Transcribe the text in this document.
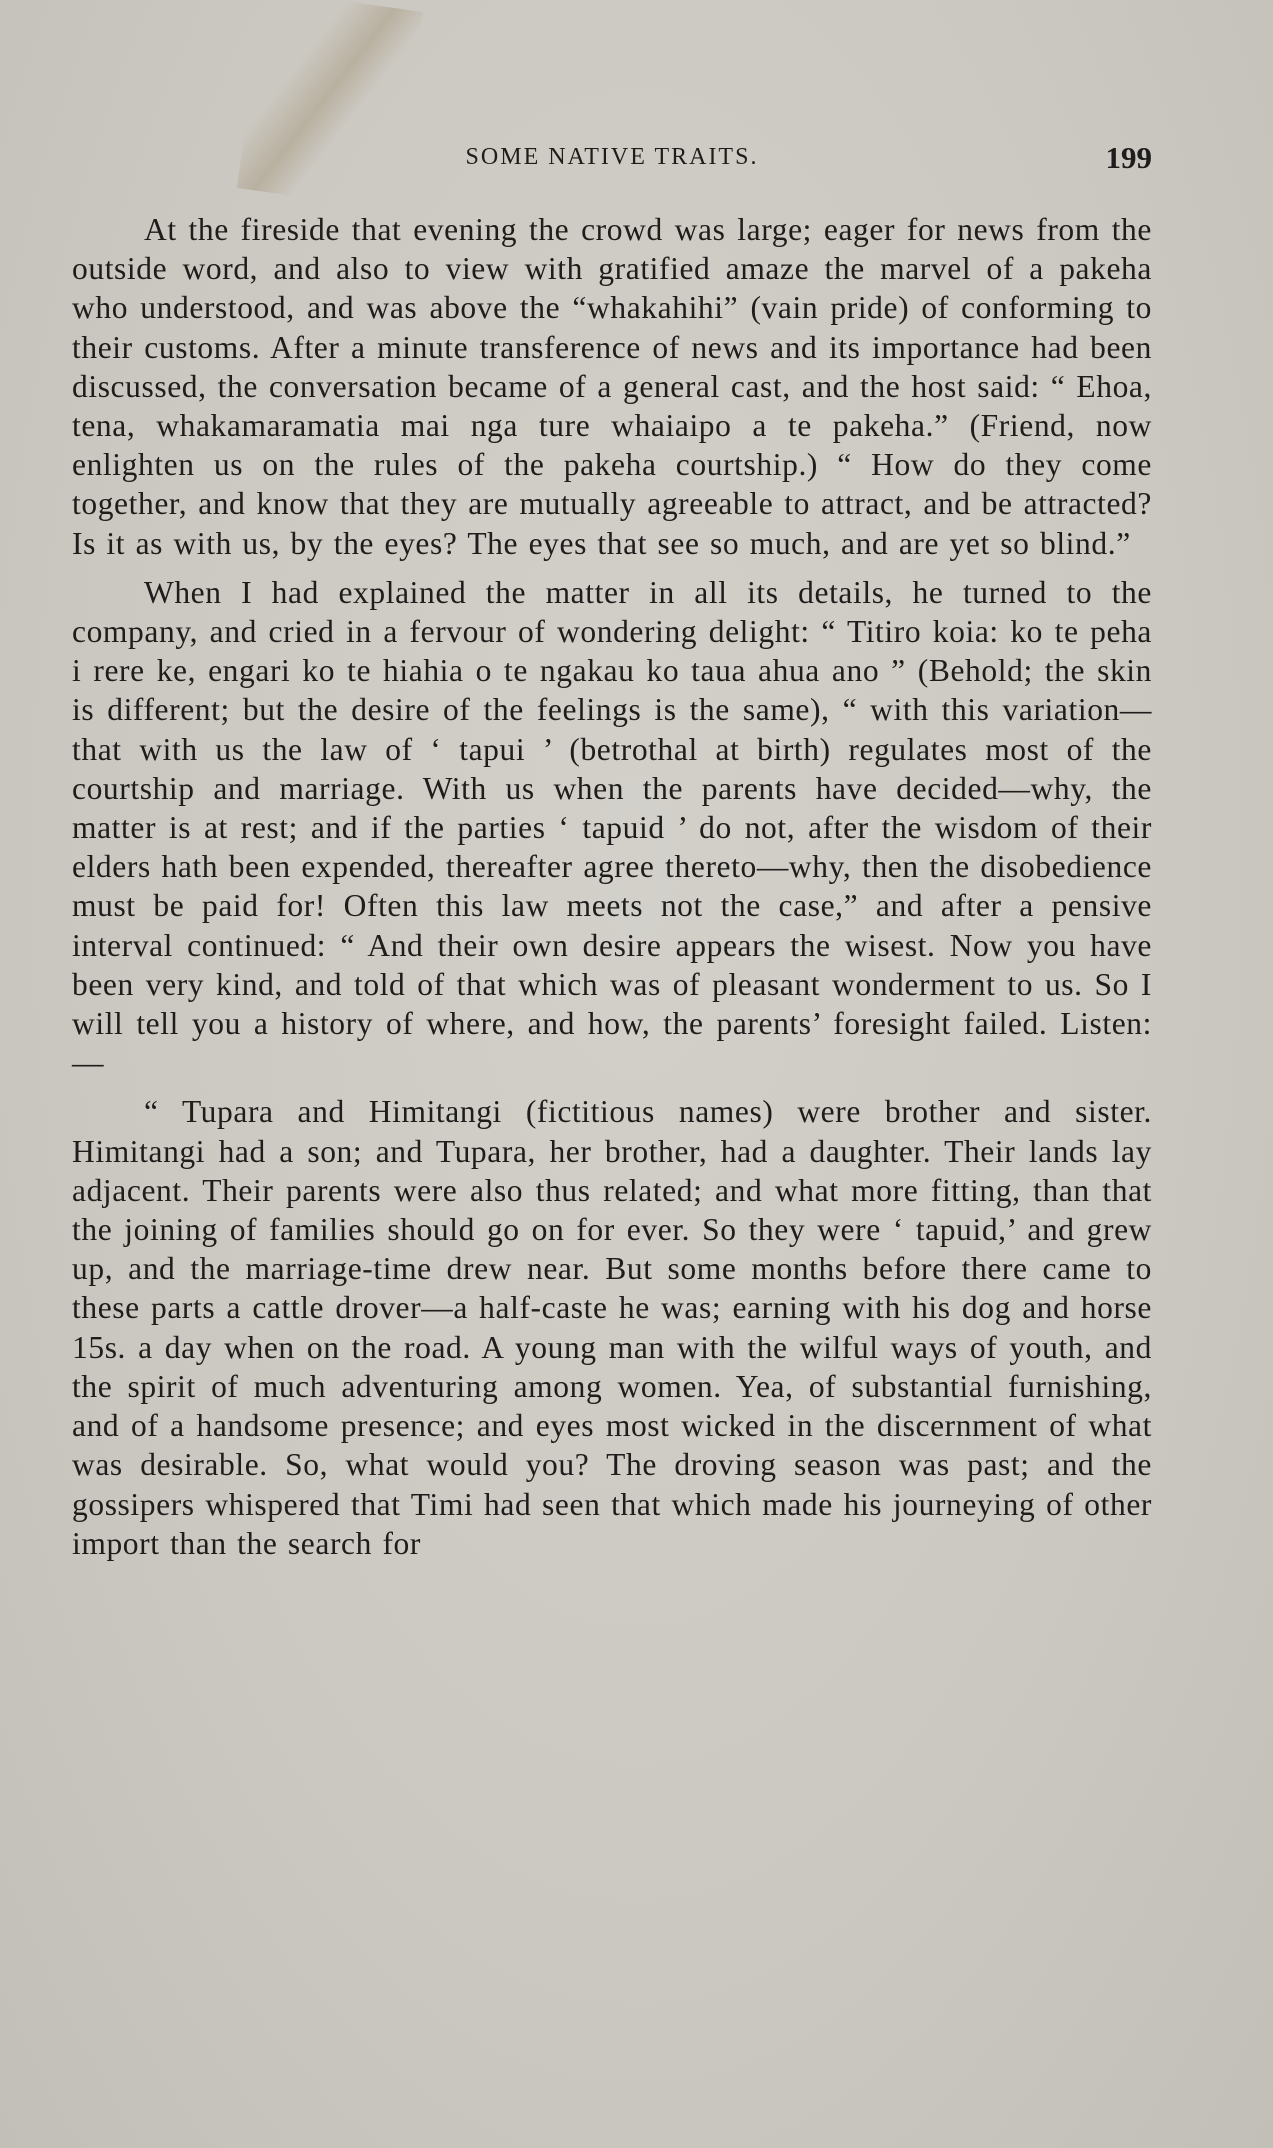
SOME NATIVE TRAITS.	199

At the fireside that evening the crowd was large; eager for news from the outside word, and also to view with gratified amaze the marvel of a pakeha who understood, and was above the “whakahihi” (vain pride) of conforming to their customs. After a minute transference of news and its importance had been discussed, the conversation became of a general cast, and the host said: “ Ehoa, tena, whakamaramatia mai nga ture whaiaipo a te pakeha.” (Friend, now enlighten us on the rules of the pakeha courtship.) “ How do they come together, and know that they are mutually agreeable to attract, and be attracted? Is it as with us, by the eyes? The eyes that see so much, and are yet so blind.”

When I had explained the matter in all its details, he turned to the company, and cried in a fervour of wondering delight: “ Titiro koia: ko te peha i rere ke, engari ko te hiahia o te ngakau ko taua ahua ano ” (Behold; the skin is different; but the desire of the feelings is the same), “ with this variation—that with us the law of ‘ tapui ’ (betrothal at birth) regulates most of the courtship and marriage. With us when the parents have decided—why, the matter is at rest; and if the parties ‘ tapuid ’ do not, after the wisdom of their elders hath been expended, thereafter agree thereto—why, then the disobedience must be paid for! Often this law meets not the case,” and after a pensive interval continued: “ And their own desire appears the wisest. Now you have been very kind, and told of that which was of pleasant wonderment to us. So I will tell you a history of where, and how, the parents’ foresight failed. Listen:—

“ Tupara and Himitangi (fictitious names) were brother and sister. Himitangi had a son; and Tupara, her brother, had a daughter. Their lands lay adjacent. Their parents were also thus related; and what more fitting, than that the joining of families should go on for ever. So they were ‘ tapuid,’ and grew up, and the marriage-time drew near. But some months before there came to these parts a cattle drover—a half-caste he was; earning with his dog and horse 15s. a day when on the road. A young man with the wilful ways of youth, and the spirit of much adventuring among women. Yea, of substantial furnishing, and of a handsome presence; and eyes most wicked in the discernment of what was desirable. So, what would you? The droving season was past; and the gossipers whispered that Timi had seen that which made his journeying of other import than the search for
